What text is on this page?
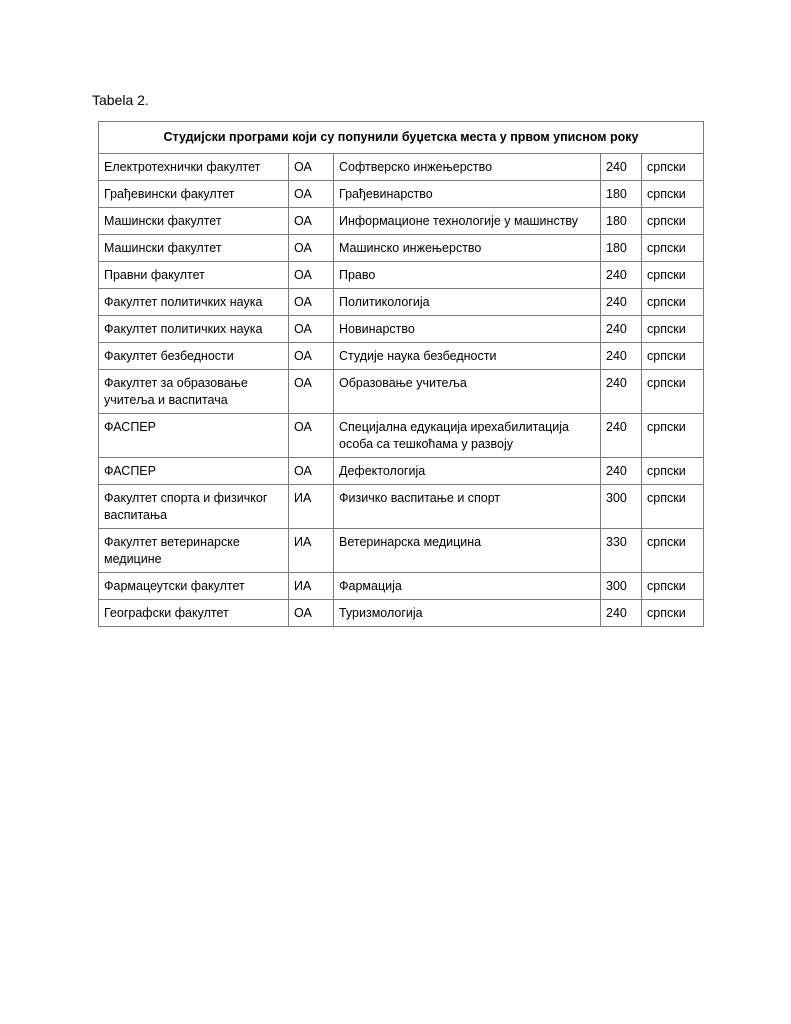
Tabela 2.
Студијски програми који су попунили буџетска места у првом уписном року				
Електротехнички факултет	ОА	Софтверско инжењерство	240	српски
Грађевински факултет	ОА	Грађевинарство	180	српски
Машински факултет	ОА	Информационе технологије у машинству	180	српски
Машински факултет	ОА	Машинско инжењерство	180	српски
Правни факултет	ОА	Право	240	српски
Факултет политичких наука	ОА	Политикологија	240	српски
Факултет политичких наука	ОА	Новинарство	240	српски
Факултет безбедности	ОА	Студије наука безбедности	240	српски
Факултет за образовање учитеља и васпитача	ОА	Образовање учитеља	240	српски
ФАСПЕР	ОА	Специјална едукација ирехабилитација особа са тешкоћама у развоју	240	српски
ФАСПЕР	ОА	Дефектологија	240	српски
Факултет спорта и физичког васпитања	ИА	Физичко васпитање и спорт	300	српски
Факултет ветеринарске медицине	ИА	Ветеринарска медицина	330	српски
Фармацеутски факултет	ИА	Фармација	300	српски
Географски факултет	ОА	Туризмологија	240	српски
